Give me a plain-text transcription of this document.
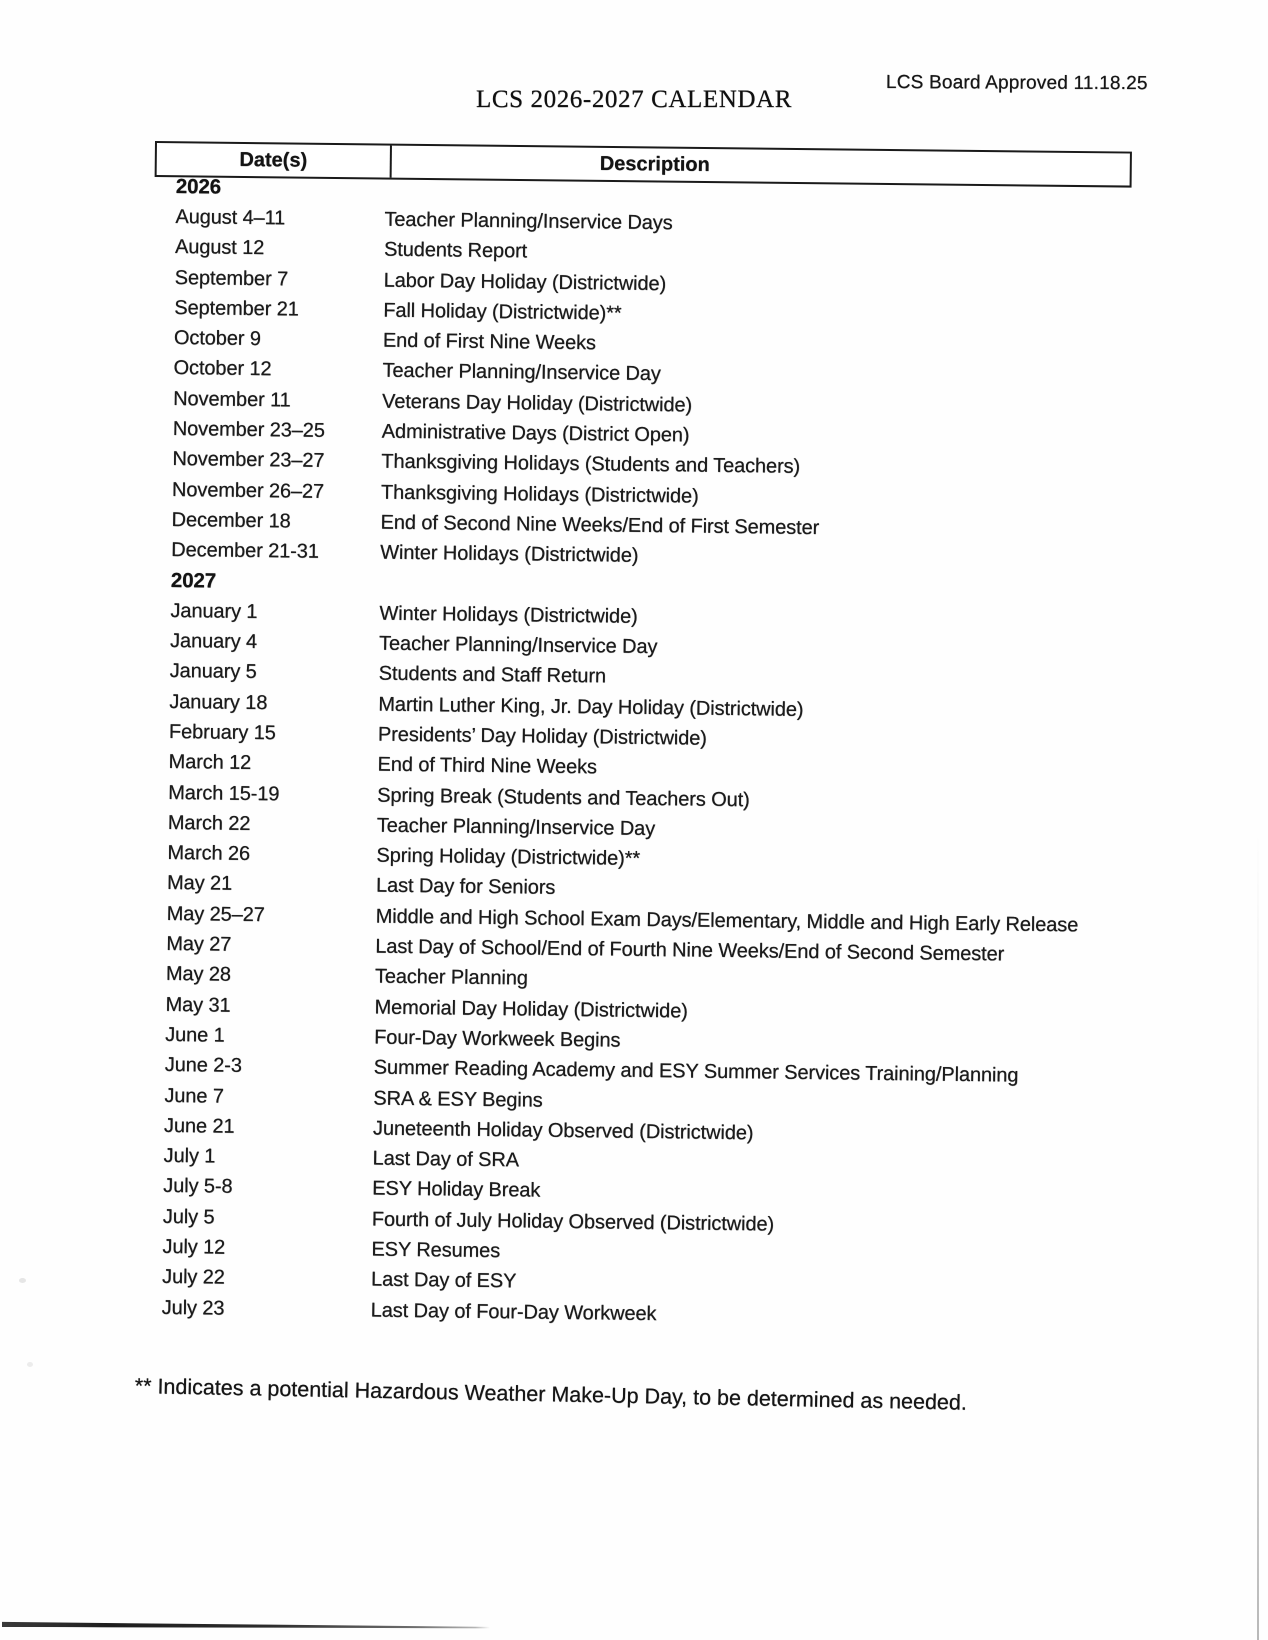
LCS Board Approved 11.18.25
LCS 2026-2027 CALENDAR
Date(s)	Description
2026
August 4–11	Teacher Planning/Inservice Days
August 12	Students Report
September 7	Labor Day Holiday (Districtwide)
September 21	Fall Holiday (Districtwide)**
October 9	End of First Nine Weeks
October 12	Teacher Planning/Inservice Day
November 11	Veterans Day Holiday (Districtwide)
November 23–25	Administrative Days (District Open)
November 23–27	Thanksgiving Holidays (Students and Teachers)
November 26–27	Thanksgiving Holidays (Districtwide)
December 18	End of Second Nine Weeks/End of First Semester
December 21-31	Winter Holidays (Districtwide)
2027
January 1	Winter Holidays (Districtwide)
January 4	Teacher Planning/Inservice Day
January 5	Students and Staff Return
January 18	Martin Luther King, Jr. Day Holiday (Districtwide)
February 15	Presidents’ Day Holiday (Districtwide)
March 12	End of Third Nine Weeks
March 15-19	Spring Break (Students and Teachers Out)
March 22	Teacher Planning/Inservice Day
March 26	Spring Holiday (Districtwide)**
May 21	Last Day for Seniors
May 25–27	Middle and High School Exam Days/Elementary, Middle and High Early Release
May 27	Last Day of School/End of Fourth Nine Weeks/End of Second Semester
May 28	Teacher Planning
May 31	Memorial Day Holiday (Districtwide)
June 1	Four-Day Workweek Begins
June 2-3	Summer Reading Academy and ESY Summer Services Training/Planning
June 7	SRA & ESY Begins
June 21	Juneteenth Holiday Observed (Districtwide)
July 1	Last Day of SRA
July 5-8	ESY Holiday Break
July 5	Fourth of July Holiday Observed (Districtwide)
July 12	ESY Resumes
July 22	Last Day of ESY
July 23	Last Day of Four-Day Workweek
** Indicates a potential Hazardous Weather Make-Up Day, to be determined as needed.
